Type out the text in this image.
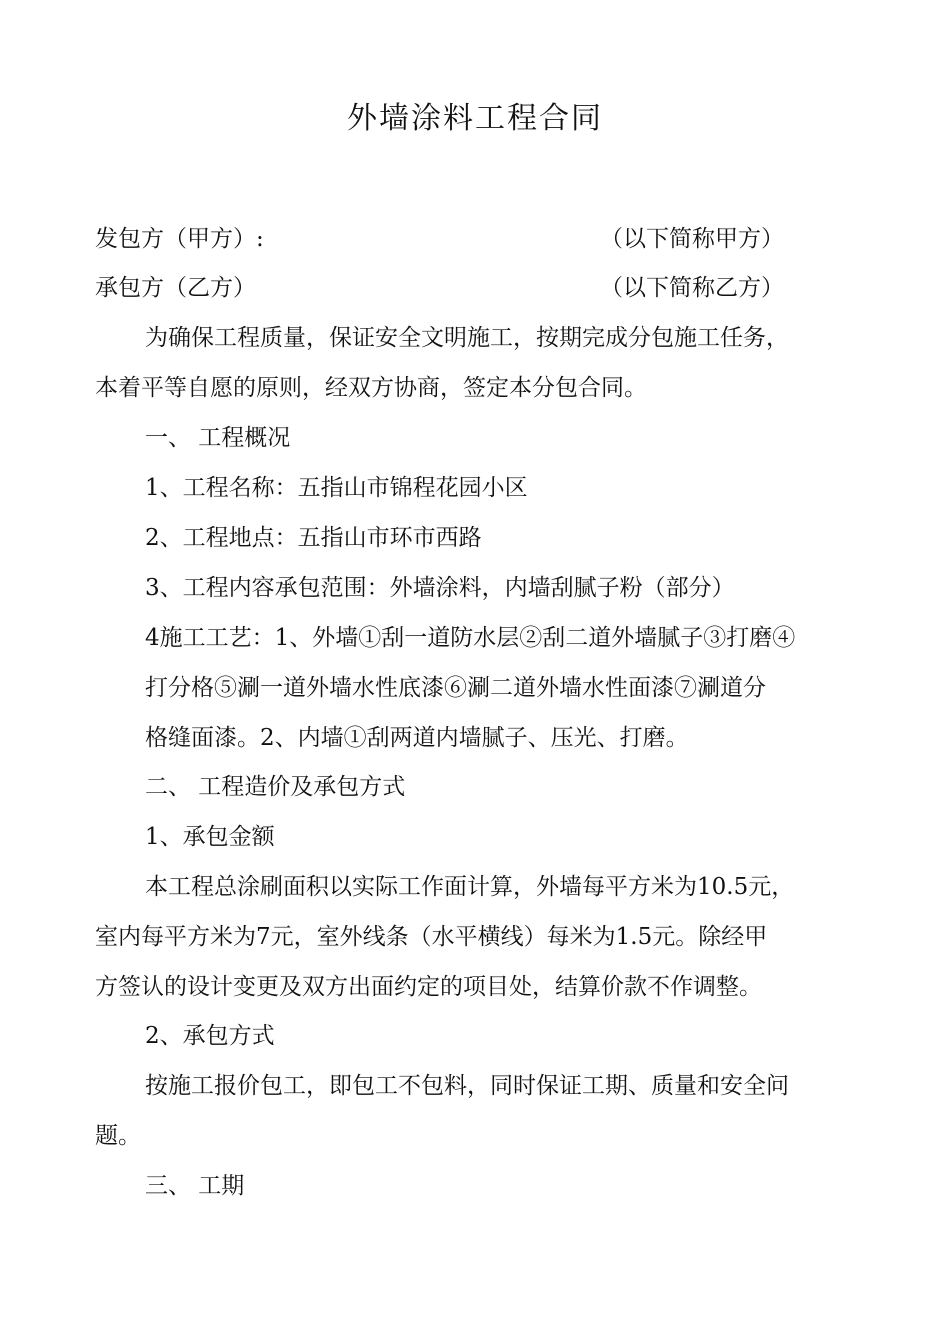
外墙涂料工程合同
发包方（甲方）:	（以下简称甲方）
承包方（乙方）	（以下简称乙方）
为确保工程质量，保证安全文明施工，按期完成分包施工任务，
本着平等自愿的原则，经双方协商，签定本分包合同。
一、 工程概况
1、工程名称：五指山市锦程花园小区
2、工程地点：五指山市环市西路
3、工程内容承包范围：外墙涂料，内墙刮腻子粉（部分）
4施工工艺：1、外墙①刮一道防水层②刮二道外墙腻子③打磨④
打分格⑤涮一道外墙水性底漆⑥涮二道外墙水性面漆⑦涮道分
格缝面漆。2、内墙①刮两道内墙腻子、压光、打磨。
二、 工程造价及承包方式
1、承包金额
本工程总涂刷面积以实际工作面计算，外墙每平方米为10.5元，
室内每平方米为7元，室外线条（水平横线）每米为1.5元。除经甲
方签认的设计变更及双方出面约定的项目处，结算价款不作调整。
2、承包方式
按施工报价包工，即包工不包料，同时保证工期、质量和安全问
题。
三、 工期
